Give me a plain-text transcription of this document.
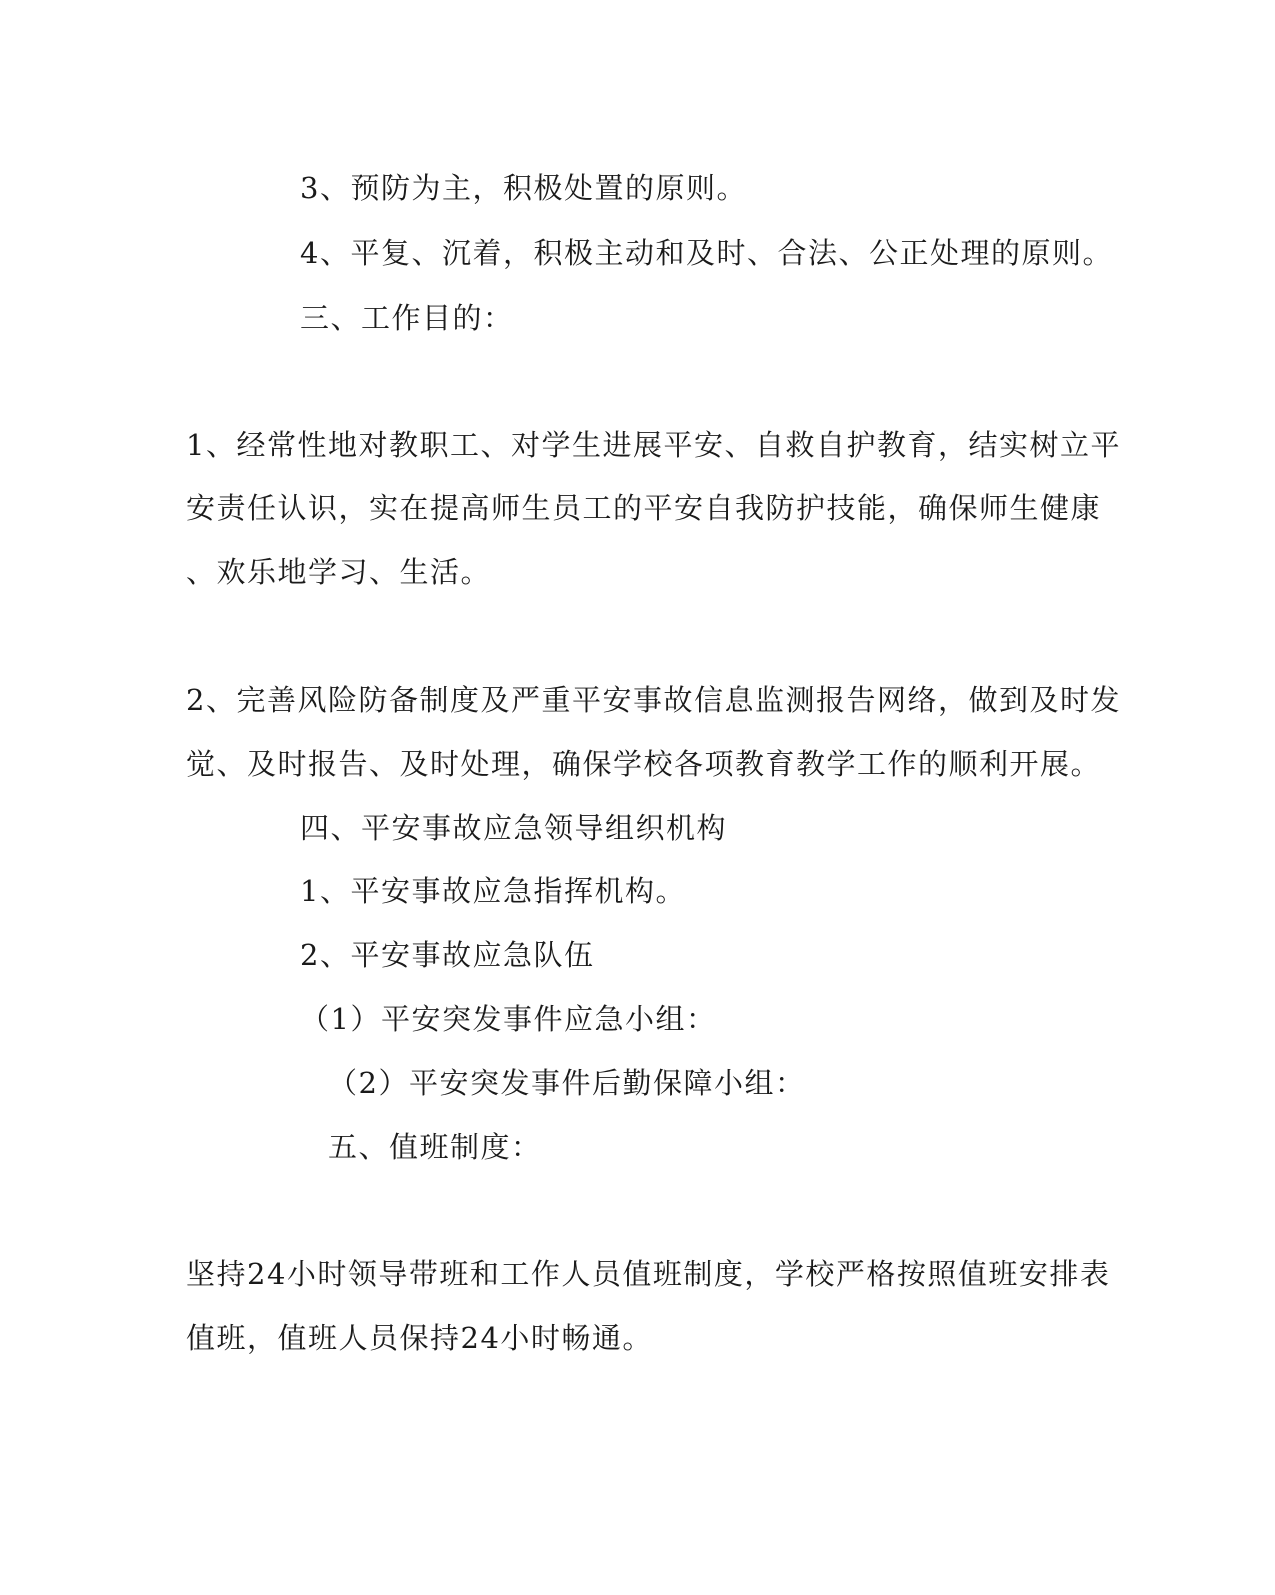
3、预防为主，积极处置的原则。
4、平复、沉着，积极主动和及时、合法、公正处理的原则。
三、工作目的：
1、经常性地对教职工、对学生进展平安、自救自护教育，结实树立平
安责任认识，实在提高师生员工的平安自我防护技能，确保师生健康
、欢乐地学习、生活。
2、完善风险防备制度及严重平安事故信息监测报告网络，做到及时发
觉、及时报告、及时处理，确保学校各项教育教学工作的顺利开展。
四、平安事故应急领导组织机构
1、平安事故应急指挥机构。
2、平安事故应急队伍
（1）平安突发事件应急小组：
（2）平安突发事件后勤保障小组：
五、值班制度：
坚持24小时领导带班和工作人员值班制度，学校严格按照值班安排表
值班，值班人员保持24小时畅通。
